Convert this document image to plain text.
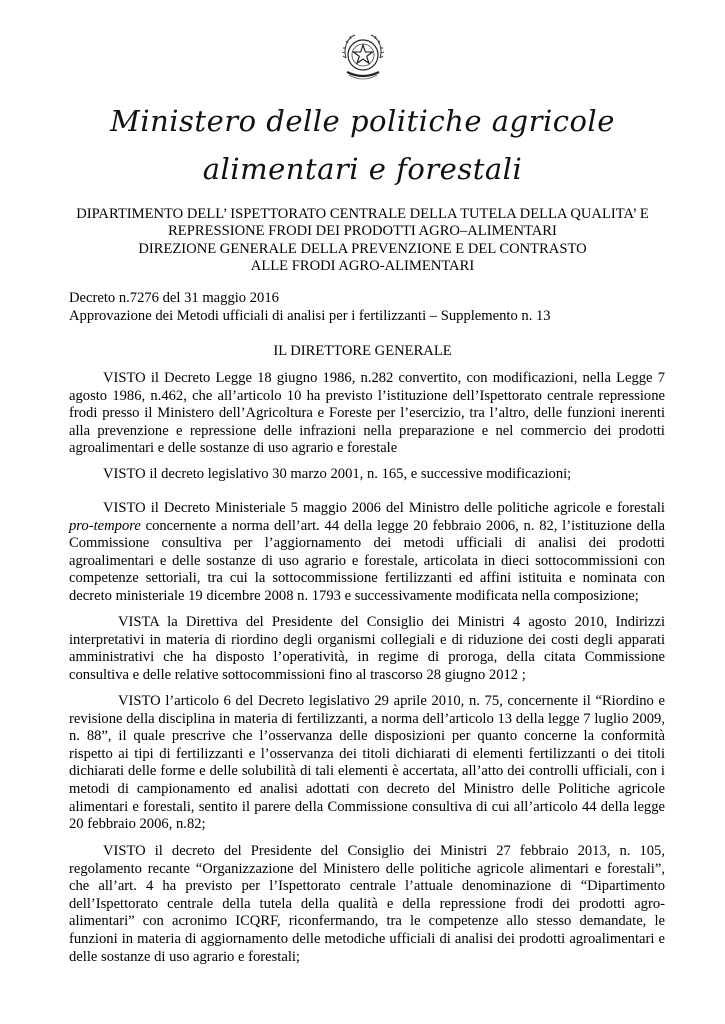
Ministero delle politiche agricole
alimentari e forestali
DIPARTIMENTO DELL’ ISPETTORATO CENTRALE DELLA TUTELA DELLA QUALITA’ E
REPRESSIONE FRODI DEI PRODOTTI AGRO–ALIMENTARI
DIREZIONE GENERALE DELLA PREVENZIONE E DEL CONTRASTO
ALLE FRODI AGRO-ALIMENTARI
Decreto n.7276 del 31 maggio 2016
Approvazione dei Metodi ufficiali di analisi per i fertilizzanti – Supplemento n. 13
IL DIRETTORE GENERALE
VISTO il Decreto Legge 18 giugno 1986, n.282 convertito, con modificazioni, nella Legge 7
agosto 1986, n.462, che all’articolo 10 ha previsto l’istituzione dell’Ispettorato centrale repressione
frodi presso il Ministero dell’Agricoltura e Foreste per l’esercizio, tra l’altro, delle funzioni inerenti
alla prevenzione e repressione delle infrazioni nella preparazione e nel commercio dei prodotti
agroalimentari e delle sostanze di uso agrario e forestale
VISTO il decreto legislativo 30 marzo 2001, n. 165, e successive modificazioni;
VISTO il Decreto Ministeriale 5 maggio 2006 del Ministro delle politiche agricole e forestali
pro-tempore concernente a norma dell’art. 44 della legge 20 febbraio 2006, n. 82, l’istituzione della
Commissione consultiva per l’aggiornamento dei metodi ufficiali di analisi dei prodotti
agroalimentari e delle sostanze di uso agrario e forestale, articolata in dieci sottocommissioni con
competenze settoriali, tra cui la sottocommissione fertilizzanti ed affini istituita e nominata con
decreto ministeriale 19 dicembre 2008 n. 1793 e successivamente modificata nella composizione;
VISTA la Direttiva del Presidente del Consiglio dei Ministri 4 agosto 2010, Indirizzi
interpretativi in materia di riordino degli organismi collegiali e di riduzione dei costi degli apparati
amministrativi che ha disposto l’operatività, in regime di proroga, della citata Commissione
consultiva e delle relative sottocommissioni fino al trascorso 28 giugno 2012 ;
VISTO l’articolo 6 del Decreto legislativo 29 aprile 2010, n. 75, concernente il “Riordino e
revisione della disciplina in materia di fertilizzanti, a norma dell’articolo 13 della legge 7 luglio 2009,
n. 88”, il quale prescrive che l’osservanza delle disposizioni per quanto concerne la conformità
rispetto ai tipi di fertilizzanti e l’osservanza dei titoli dichiarati di elementi fertilizzanti o dei titoli
dichiarati delle forme e delle solubilità di tali elementi è accertata, all’atto dei controlli ufficiali, con i
metodi di campionamento ed analisi adottati con decreto del Ministro delle Politiche agricole
alimentari e forestali, sentito il parere della Commissione consultiva di cui all’articolo 44 della legge
20 febbraio 2006, n.82;
VISTO il decreto del Presidente del Consiglio dei Ministri 27 febbraio 2013, n. 105,
regolamento recante “Organizzazione del Ministero delle politiche agricole alimentari e forestali”,
che all’art. 4 ha previsto per l’Ispettorato centrale l’attuale denominazione di “Dipartimento
dell’Ispettorato centrale della tutela della qualità e della repressione frodi dei prodotti agro-
alimentari” con acronimo ICQRF, riconfermando, tra le competenze allo stesso demandate, le
funzioni in materia di aggiornamento delle metodiche ufficiali di analisi dei prodotti agroalimentari e
delle sostanze di uso agrario e forestali;
